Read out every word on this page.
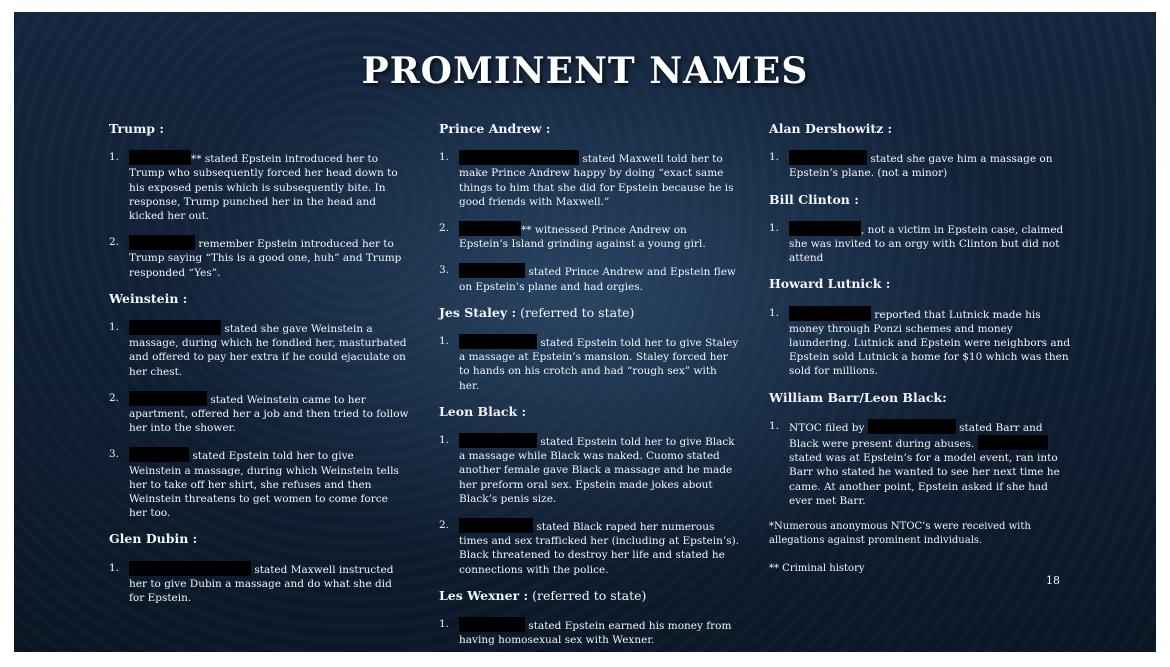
PROMINENT NAMES
Trump :
1.	** stated Epstein introduced her to Trump who subsequently forced her head down to his exposed penis which is subsequently bite. In response, Trump punched her in the head and kicked her out.
2.	remember Epstein introduced her to Trump saying “This is a good one, huh” and Trump responded “Yes”.
Weinstein :
1.	stated she gave Weinstein a massage, during which he fondled her, masturbated and offered to pay her extra if he could ejaculate on her chest.
2.	stated Weinstein came to her apartment, offered her a job and then tried to follow her into the shower.
3.	stated Epstein told her to give Weinstein a massage, during which Weinstein tells her to take off her shirt, she refuses and then Weinstein threatens to get women to come force her too.
Glen Dubin :
1.	stated Maxwell instructed her to give Dubin a massage and do what she did for Epstein.
Prince Andrew :
1.	stated Maxwell told her to make Prince Andrew happy by doing “exact same things to him that she did for Epstein because he is good friends with Maxwell.”
2.	** witnessed Prince Andrew on Epstein’s Island grinding against a young girl.
3.	stated Prince Andrew and Epstein flew on Epstein’s plane and had orgies.
Jes Staley : (referred to state)
1.	stated Epstein told her to give Staley a massage at Epstein’s mansion. Staley forced her to hands on his crotch and had “rough sex” with her.
Leon Black :
1.	stated Epstein told her to give Black a massage while Black was naked. Cuomo stated another female gave Black a massage and he made her preform oral sex. Epstein made jokes about Black’s penis size.
2.	stated Black raped her numerous times and sex trafficked her (including at Epstein’s). Black threatened to destroy her life and stated he connections with the police.
Les Wexner : (referred to state)
1.	stated Epstein earned his money from having homosexual sex with Wexner.
Alan Dershowitz :
1.	stated she gave him a massage on Epstein’s plane. (not a minor)
Bill Clinton :
1.	, not a victim in Epstein case, claimed she was invited to an orgy with Clinton but did not attend
Howard Lutnick :
1.	reported that Lutnick made his money through Ponzi schemes and money laundering. Lutnick and Epstein were neighbors and Epstein sold Lutnick a home for $10 which was then sold for millions.
William Barr/Leon Black:
1. NTOC filed by	stated Barr and Black were present during abuses.  stated was at Epstein’s for a model event, ran into Barr who stated he wanted to see her next time he came. At another point, Epstein asked if she had ever met Barr.
*Numerous anonymous NTOC’s were received with allegations against prominent individuals.
** Criminal history
18
